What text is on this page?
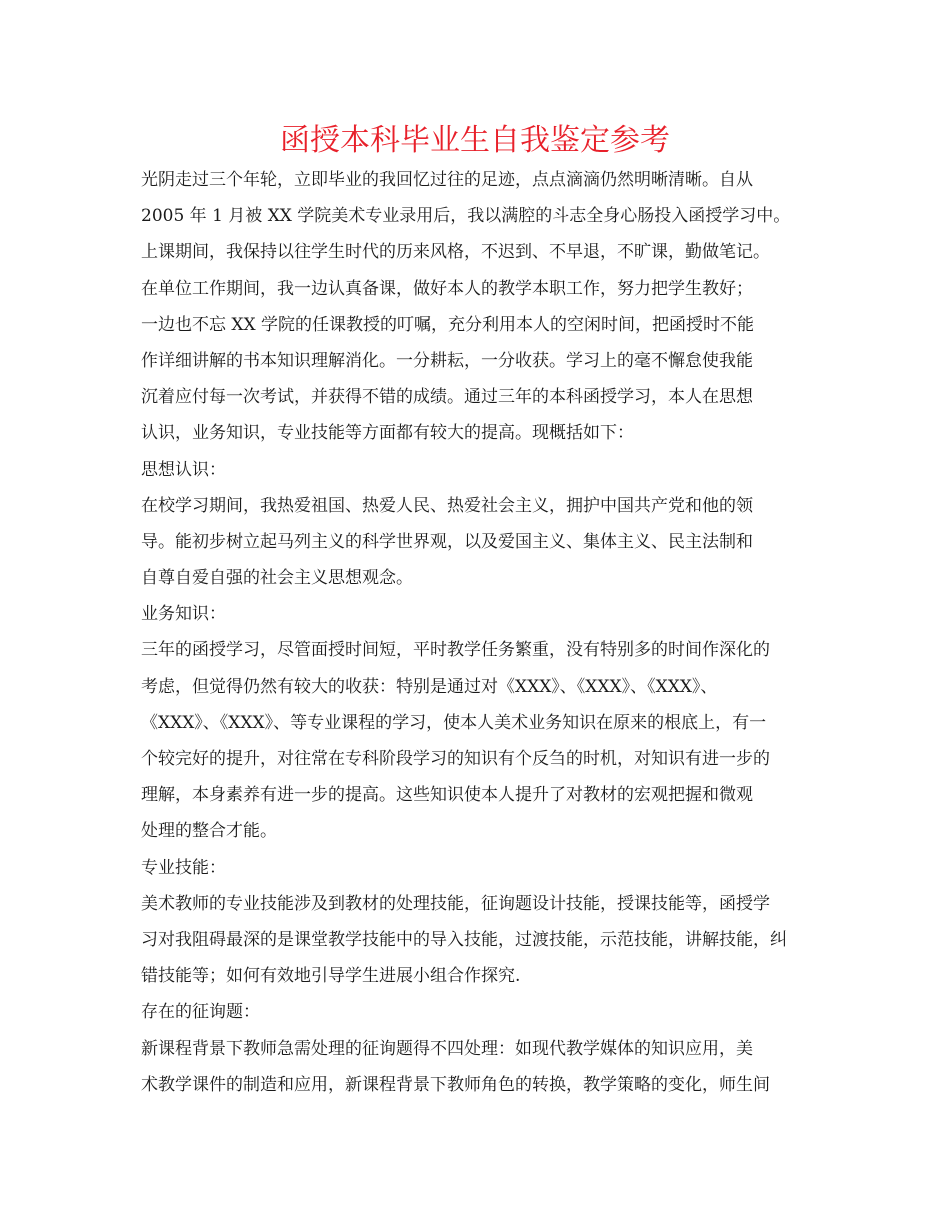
函授本科毕业生自我鉴定参考
光阴走过三个年轮，立即毕业的我回忆过往的足迹，点点滴滴仍然明晰清晰。自从
2005 年 1 月被 XX 学院美术专业录用后，我以满腔的斗志全身心肠投入函授学习中。
上课期间，我保持以往学生时代的历来风格，不迟到、不早退，不旷课，勤做笔记。
在单位工作期间，我一边认真备课，做好本人的教学本职工作，努力把学生教好；
一边也不忘 XX 学院的任课教授的叮嘱，充分利用本人的空闲时间，把函授时不能
作详细讲解的书本知识理解消化。一分耕耘，一分收获。学习上的毫不懈怠使我能
沉着应付每一次考试，并获得不错的成绩。通过三年的本科函授学习，本人在思想
认识，业务知识，专业技能等方面都有较大的提高。现概括如下：
思想认识：
在校学习期间，我热爱祖国、热爱人民、热爱社会主义，拥护中国共产党和他的领
导。能初步树立起马列主义的科学世界观，以及爱国主义、集体主义、民主法制和
自尊自爱自强的社会主义思想观念。
业务知识：
三年的函授学习，尽管面授时间短，平时教学任务繁重，没有特别多的时间作深化的
考虑，但觉得仍然有较大的收获：特别是通过对《XXX》、《XXX》、《XXX》、
《XXX》、《XXX》、等专业课程的学习，使本人美术业务知识在原来的根底上，有一
个较完好的提升，对往常在专科阶段学习的知识有个反刍的时机，对知识有进一步的
理解，本身素养有进一步的提高。这些知识使本人提升了对教材的宏观把握和微观
处理的整合才能。
专业技能：
美术教师的专业技能涉及到教材的处理技能，征询题设计技能，授课技能等，函授学
习对我阻碍最深的是课堂教学技能中的导入技能，过渡技能，示范技能，讲解技能，纠
错技能等；如何有效地引导学生进展小组合作探究.
存在的征询题：
新课程背景下教师急需处理的征询题得不四处理：如现代教学媒体的知识应用，美
术教学课件的制造和应用，新课程背景下教师角色的转换，教学策略的变化，师生间
